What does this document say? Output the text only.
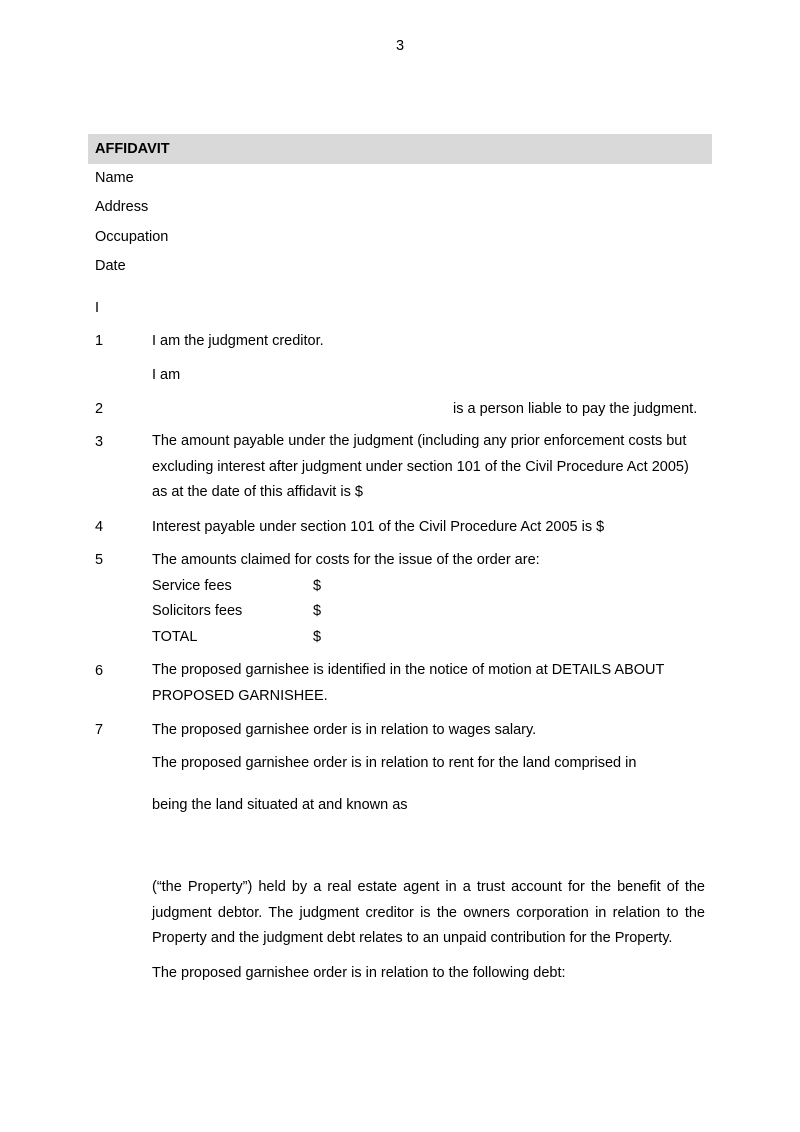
3
AFFIDAVIT
Name
Address
Occupation
Date
I
1	I am the judgment creditor.
I am
2	is a person liable to pay the judgment.
3	The amount payable under the judgment (including any prior enforcement costs but excluding interest after judgment under section 101 of the Civil Procedure Act 2005) as at the date of this affidavit is $
4	Interest payable under section 101 of the Civil Procedure Act 2005 is $
5	The amounts claimed for costs for the issue of the order are:
Service fees	$
Solicitors fees	$
TOTAL	$
6	The proposed garnishee is identified in the notice of motion at DETAILS ABOUT PROPOSED GARNISHEE.
7	The proposed garnishee order is in relation to wages salary.
The proposed garnishee order is in relation to rent for the land comprised in
being the land situated at and known as
(“the Property”) held by a real estate agent in a trust account for the benefit of the judgment debtor. The judgment creditor is the owners corporation in relation to the Property and the judgment debt relates to an unpaid contribution for the Property.
The proposed garnishee order is in relation to the following debt:
